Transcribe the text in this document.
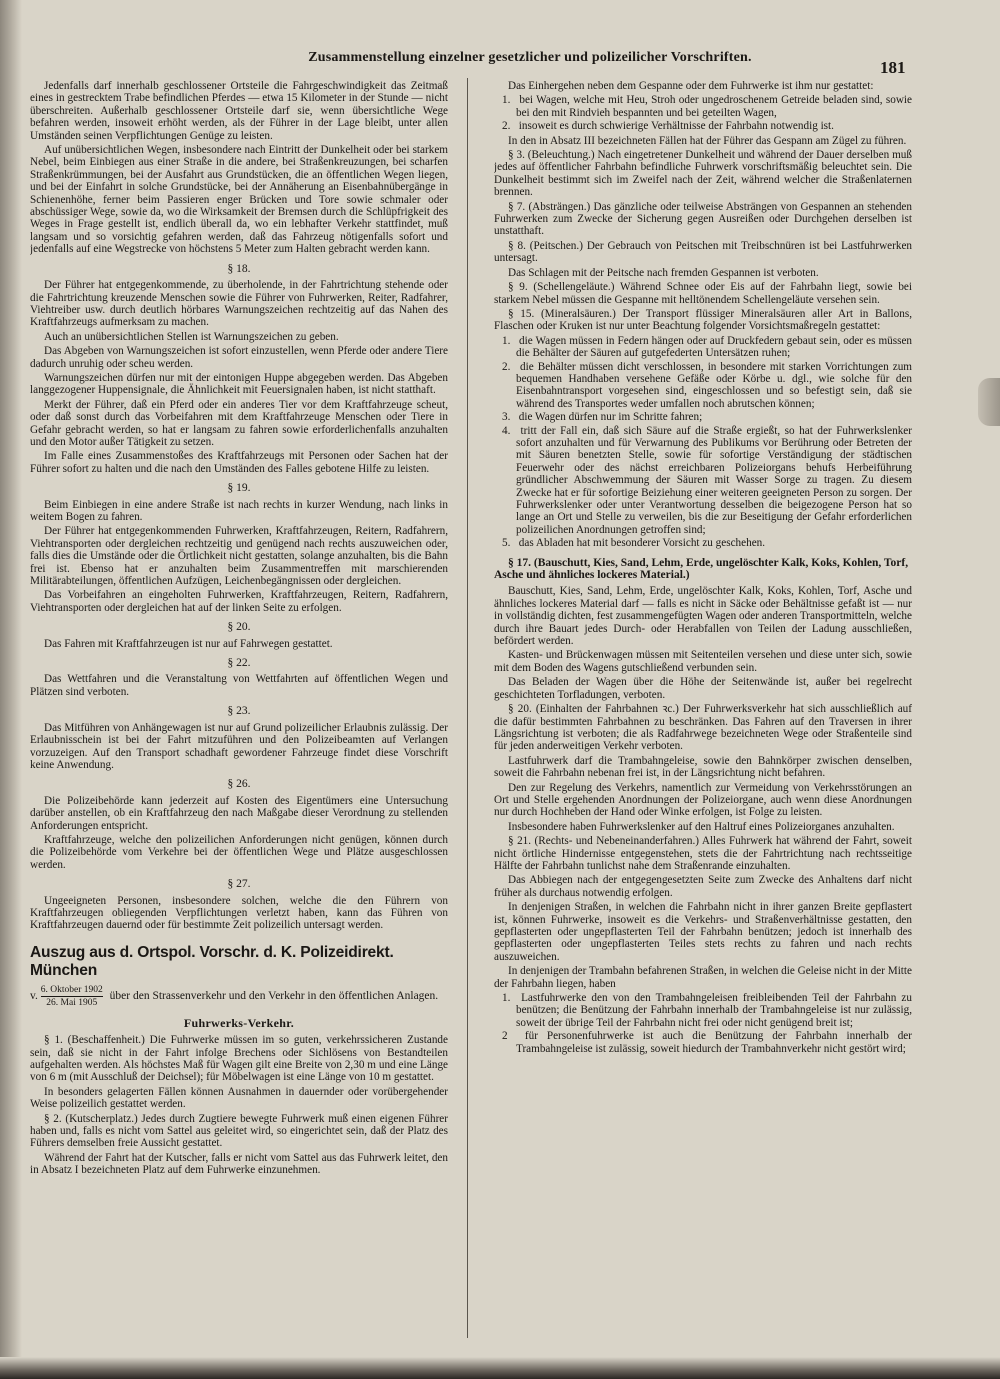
Zusammenstellung einzelner gesetzlicher und polizeilicher Vorschriften.
181

Jedenfalls darf innerhalb geschlossener Ortsteile die Fahrgeschwindigkeit das Zeitmaß eines in gestrecktem Trabe befindlichen Pferdes — etwa 15 Kilometer in der Stunde — nicht überschreiten. Außerhalb geschlossener Ortsteile darf sie, wenn übersichtliche Wege befahren werden, insoweit erhöht werden, als der Führer in der Lage bleibt, unter allen Umständen seinen Verpflichtungen Genüge zu leisten.

Auf unübersichtlichen Wegen, insbesondere nach Eintritt der Dunkelheit oder bei starkem Nebel, beim Einbiegen aus einer Straße in die andere, bei Straßenkreuzungen, bei scharfen Straßenkrümmungen, bei der Ausfahrt aus Grundstücken, die an öffentlichen Wegen liegen, und bei der Einfahrt in solche Grundstücke, bei der Annäherung an Eisenbahnübergänge in Schienenhöhe, ferner beim Passieren enger Brücken und Tore sowie schmaler oder abschüssiger Wege, sowie da, wo die Wirksamkeit der Bremsen durch die Schlüpfrigkeit des Weges in Frage gestellt ist, endlich überall da, wo ein lebhafter Verkehr stattfindet, muß langsam und so vorsichtig gefahren werden, daß das Fahrzeug nötigenfalls sofort und jedenfalls auf eine Wegstrecke von höchstens 5 Meter zum Halten gebracht werden kann.

§ 18.

Der Führer hat entgegenkommende, zu überholende, in der Fahrtrichtung stehende oder die Fahrtrichtung kreuzende Menschen sowie die Führer von Fuhrwerken, Reiter, Radfahrer, Viehtreiber usw. durch deutlich hörbares Warnungszeichen rechtzeitig auf das Nahen des Kraftfahrzeugs aufmerksam zu machen.

Auch an unübersichtlichen Stellen ist Warnungszeichen zu geben.

Das Abgeben von Warnungszeichen ist sofort einzustellen, wenn Pferde oder andere Tiere dadurch unruhig oder scheu werden.

Warnungszeichen dürfen nur mit der eintonigen Huppe abgegeben werden. Das Abgeben langgezogener Huppensignale, die Ähnlichkeit mit Feuersignalen haben, ist nicht statthaft.

Merkt der Führer, daß ein Pferd oder ein anderes Tier vor dem Kraftfahrzeuge scheut, oder daß sonst durch das Vorbeifahren mit dem Kraftfahrzeuge Menschen oder Tiere in Gefahr gebracht werden, so hat er langsam zu fahren sowie erforderlichenfalls anzuhalten und den Motor außer Tätigkeit zu setzen.

Im Falle eines Zusammenstoßes des Kraftfahrzeugs mit Personen oder Sachen hat der Führer sofort zu halten und die nach den Umständen des Falles gebotene Hilfe zu leisten.

§ 19.

Beim Einbiegen in eine andere Straße ist nach rechts in kurzer Wendung, nach links in weitem Bogen zu fahren.

Der Führer hat entgegenkommenden Fuhrwerken, Kraftfahrzeugen, Reitern, Radfahrern, Viehtransporten oder dergleichen rechtzeitig und genügend nach rechts auszuweichen oder, falls dies die Umstände oder die Örtlichkeit nicht gestatten, solange anzuhalten, bis die Bahn frei ist. Ebenso hat er anzuhalten beim Zusammentreffen mit marschierenden Militärabteilungen, öffentlichen Aufzügen, Leichenbegängnissen oder dergleichen.

Das Vorbeifahren an eingeholten Fuhrwerken, Kraftfahrzeugen, Reitern, Radfahrern, Viehtransporten oder dergleichen hat auf der linken Seite zu erfolgen.

§ 20.

Das Fahren mit Kraftfahrzeugen ist nur auf Fahrwegen gestattet.

§ 22.

Das Wettfahren und die Veranstaltung von Wettfahrten auf öffentlichen Wegen und Plätzen sind verboten.

§ 23.

Das Mitführen von Anhängewagen ist nur auf Grund polizeilicher Erlaubnis zulässig. Der Erlaubnisschein ist bei der Fahrt mitzuführen und den Polizeibeamten auf Verlangen vorzuzeigen. Auf den Transport schadhaft gewordener Fahrzeuge findet diese Vorschrift keine Anwendung.

§ 26.

Die Polizeibehörde kann jederzeit auf Kosten des Eigentümers eine Untersuchung darüber anstellen, ob ein Kraftfahrzeug den nach Maßgabe dieser Verordnung zu stellenden Anforderungen entspricht.

Kraftfahrzeuge, welche den polizeilichen Anforderungen nicht genügen, können durch die Polizeibehörde vom Verkehre bei der öffentlichen Wege und Plätze ausgeschlossen werden.

§ 27.

Ungeeigneten Personen, insbesondere solchen, welche die den Führern von Kraftfahrzeugen obliegenden Verpflichtungen verletzt haben, kann das Führen von Kraftfahrzeugen dauernd oder für bestimmte Zeit polizeilich untersagt werden.

Auszug aus d. Ortspol. Vorschr. d. K. Polizeidirekt. München
v.
6. Oktober 1902
26. Mai 1905
über den Strassenverkehr und den Verkehr in den öffentlichen Anlagen.
Fuhrwerks-Verkehr.

§ 1. (Beschaffenheit.) Die Fuhrwerke müssen im so guten, verkehrssicheren Zustande sein, daß sie nicht in der Fahrt infolge Brechens oder Sichlösens von Bestandteilen aufgehalten werden. Als höchstes Maß für Wagen gilt eine Breite von 2,30 m und eine Länge von 6 m (mit Ausschluß der Deichsel); für Möbelwagen ist eine Länge von 10 m gestattet.

In besonders gelagerten Fällen können Ausnahmen in dauernder oder vorübergehender Weise polizeilich gestattet werden.

§ 2. (Kutscherplatz.) Jedes durch Zugtiere bewegte Fuhrwerk muß einen eigenen Führer haben und, falls es nicht vom Sattel aus geleitet wird, so eingerichtet sein, daß der Platz des Führers demselben freie Aussicht gestattet.

Während der Fahrt hat der Kutscher, falls er nicht vom Sattel aus das Fuhrwerk leitet, den in Absatz I bezeichneten Platz auf dem Fuhrwerke einzunehmen.

Das Einhergehen neben dem Gespanne oder dem Fuhrwerke ist ihm nur gestattet:

1. bei Wagen, welche mit Heu, Stroh oder ungedroschenem Getreide beladen sind, sowie bei den mit Rindvieh bespannten und bei geteilten Wagen,
2. insoweit es durch schwierige Verhältnisse der Fahrbahn notwendig ist.

In den in Absatz III bezeichneten Fällen hat der Führer das Gespann am Zügel zu führen.

§ 3. (Beleuchtung.) Nach eingetretener Dunkelheit und während der Dauer derselben muß jedes auf öffentlicher Fahrbahn befindliche Fuhrwerk vorschriftsmäßig beleuchtet sein. Die Dunkelheit bestimmt sich im Zweifel nach der Zeit, während welcher die Straßenlaternen brennen.

§ 7. (Absträngen.) Das gänzliche oder teilweise Absträngen von Gespannen an stehenden Fuhrwerken zum Zwecke der Sicherung gegen Ausreißen oder Durchgehen derselben ist unstatthaft.

§ 8. (Peitschen.) Der Gebrauch von Peitschen mit Treibschnüren ist bei Lastfuhrwerken untersagt.

Das Schlagen mit der Peitsche nach fremden Gespannen ist verboten.

§ 9. (Schellengeläute.) Während Schnee oder Eis auf der Fahrbahn liegt, sowie bei starkem Nebel müssen die Gespanne mit helltönendem Schellengeläute versehen sein.

§ 15. (Mineralsäuren.) Der Transport flüssiger Mineralsäuren aller Art in Ballons, Flaschen oder Kruken ist nur unter Beachtung folgender Vorsichtsmaßregeln gestattet:

1. die Wagen müssen in Federn hängen oder auf Druckfedern gebaut sein, oder es müssen die Behälter der Säuren auf gutgefederten Untersätzen ruhen;
2. die Behälter müssen dicht verschlossen, in besondere mit starken Vorrichtungen zum bequemen Handhaben versehene Gefäße oder Körbe u. dgl., wie solche für den Eisenbahntransport vorgesehen sind, eingeschlossen und so befestigt sein, daß sie während des Transportes weder umfallen noch abrutschen können;
3. die Wagen dürfen nur im Schritte fahren;
4. tritt der Fall ein, daß sich Säure auf die Straße ergießt, so hat der Fuhrwerkslenker sofort anzuhalten und für Verwarnung des Publikums vor Berührung oder Betreten der mit Säuren benetzten Stelle, sowie für sofortige Verständigung der städtischen Feuerwehr oder des nächst erreichbaren Polizeiorgans behufs Herbeiführung gründlicher Abschwemmung der Säuren mit Wasser Sorge zu tragen. Zu diesem Zwecke hat er für sofortige Beiziehung einer weiteren geeigneten Person zu sorgen. Der Fuhrwerkslenker oder unter Verantwortung desselben die beigezogene Person hat so lange an Ort und Stelle zu verweilen, bis die zur Beseitigung der Gefahr erforderlichen polizeilichen Anordnungen getroffen sind;
5. das Abladen hat mit besonderer Vorsicht zu geschehen.
§ 17. (Bauschutt, Kies, Sand, Lehm, Erde, ungelöschter Kalk, Koks, Kohlen, Torf, Asche und ähnliches lockeres Material.)

Bauschutt, Kies, Sand, Lehm, Erde, ungelöschter Kalk, Koks, Kohlen, Torf, Asche und ähnliches lockeres Material darf — falls es nicht in Säcke oder Behältnisse gefaßt ist — nur in vollständig dichten, fest zusammengefügten Wagen oder anderen Transportmitteln, welche durch ihre Bauart jedes Durch- oder Herabfallen von Teilen der Ladung ausschließen, befördert werden.

Kasten- und Brückenwagen müssen mit Seitenteilen versehen und diese unter sich, sowie mit dem Boden des Wagens gutschließend verbunden sein.

Das Beladen der Wagen über die Höhe der Seitenwände ist, außer bei regelrecht geschichteten Torfladungen, verboten.

§ 20. (Einhalten der Fahrbahnen ꝛc.) Der Fuhrwerksverkehr hat sich ausschließlich auf die dafür bestimmten Fahrbahnen zu beschränken. Das Fahren auf den Traversen in ihrer Längsrichtung ist verboten; die als Radfahrwege bezeichneten Wege oder Straßenteile sind für jeden anderweitigen Verkehr verboten.

Lastfuhrwerk darf die Trambahngeleise, sowie den Bahnkörper zwischen denselben, soweit die Fahrbahn nebenan frei ist, in der Längsrichtung nicht befahren.

Den zur Regelung des Verkehrs, namentlich zur Vermeidung von Verkehrsstörungen an Ort und Stelle ergehenden Anordnungen der Polizeiorgane, auch wenn diese Anordnungen nur durch Hochheben der Hand oder Winke erfolgen, ist Folge zu leisten.

Insbesondere haben Fuhrwerkslenker auf den Haltruf eines Polizeiorganes anzuhalten.

§ 21. (Rechts- und Nebeneinanderfahren.) Alles Fuhrwerk hat während der Fahrt, soweit nicht örtliche Hindernisse entgegenstehen, stets die der Fahrtrichtung nach rechtsseitige Hälfte der Fahrbahn tunlichst nahe dem Straßenrande einzuhalten.

Das Abbiegen nach der entgegengesetzten Seite zum Zwecke des Anhaltens darf nicht früher als durchaus notwendig erfolgen.

In denjenigen Straßen, in welchen die Fahrbahn nicht in ihrer ganzen Breite gepflastert ist, können Fuhrwerke, insoweit es die Verkehrs- und Straßenverhältnisse gestatten, den gepflasterten oder ungepflasterten Teil der Fahrbahn benützen; jedoch ist innerhalb des gepflasterten oder ungepflasterten Teiles stets rechts zu fahren und nach rechts auszuweichen.

In denjenigen der Trambahn befahrenen Straßen, in welchen die Geleise nicht in der Mitte der Fahrbahn liegen, haben

1. Lastfuhrwerke den von den Trambahngeleisen freibleibenden Teil der Fahrbahn zu benützen; die Benützung der Fahrbahn innerhalb der Trambahngeleise ist nur zulässig, soweit der übrige Teil der Fahrbahn nicht frei oder nicht genügend breit ist;
2 für Personenfuhrwerke ist auch die Benützung der Fahrbahn innerhalb der Trambahngeleise ist zulässig, soweit hiedurch der Trambahnverkehr nicht gestört wird;
